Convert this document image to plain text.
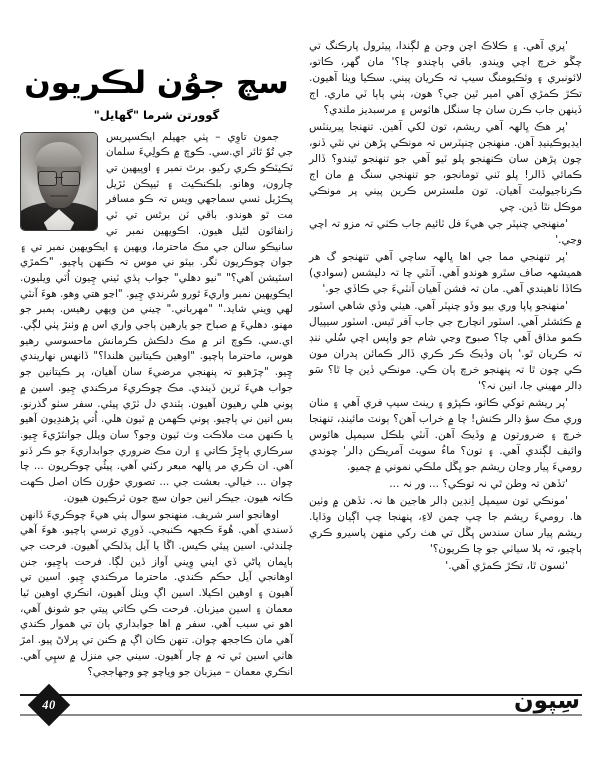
'پري آهي. ۽ ڪلاڪ اچن وجن ۾ لڳندا، پيٽرول پارڪنگ تي چڱو خرچ اچي ويندو. باقي ٻاچندو چا؟' مان گھر، ڪاتو، لائونبري ۽ وئڪيومنگ سيپ تہ ڪريان پيني. سڪيا ويٺا آهيون. تڪڙ ڪمڙي آهي امير ٿين جي؟ هون، ٻٺي ٻاٻا ٽي ماري. اڄ ڏينهن جاب ڪرن سان چا سنگل هائوس ۽ مرسبديز ملندي؟

'پر هڪ ڀالهہ آهي ريشم، تون لکي آهين. تنهنجا پيرينٽس ايڊيوڪينيڊ آهن. منهنجن چنپٽرس تہ مونڪي پڙهن ني نٿي ڏنو، چون پڙهن سان ڪنهنجو پلو ٽيو آهي جو تنهنجو ٿيندو؟ ڏالر ڪمائي ڏالر! پلو ٽني تومانجو، جو تنهنجي سنگ ۾ مان اڄ ڪرناجيوليٽ آهيان. تون ملسترس ڪرين پيني پر مونڪي موڪل نٿا ڏين. چي

'منهنجي چنپٽر جي هيءَ فل ٽائيم جاب ڪٺي تہ مزو تہ اچي وڃي.'

'پر تنهنجي مما جي اها ڀالهہ ساچي آهي تنهنجو گ هر هميشهہ صاف سٿرو هوندو آهي. آنٽي چا تہ دليشس (سوادي) ڪاڏا ٺاهيندي آهي. مان تہ فشن آهيان آنٽيءَ جي ڪاڏي جو.'

'منهنجو پاپا وري بيو وڏو چنپٽر آهي. هيٺي وڏي شاهي اسٽور ۾ ڪئشئر آهي. اسٽور انچارج جي جاب آفر ٿيس. اسٽور سيپيال ڪمو مذاق آهي چا؟ صبوح وڃي شام جو واپس اچي سُلي ننڊ تہ ڪريان ٿو.' ٻان وڏيڪ ڪر ڪري ڏالر ڪمائن ٻدران مون ڪي چون ٿا تہ پنهنجو خرچ ٻان ڪي. مونڪي ڏين چا ٿا؟ سَو ڊالر مهيني جا، انين نہ؟'

'پر ريشم توکي ڪاتو، ڪپڙو ۽ رينٽ سيپ فري آهي ۽ مٺان وري مڪ سؤ ڊالر ڪنش! چا ۾ خراب آهن؟ ٻونٽ مائينڊ، تنهنجا خرچ ۽ ضرورتون ۾ وڏيڪ آهن. آنٽي بلڪل سيمپل هائوس وائيف لڳندي آهي. ۽ تون؟ ماءُ سويٽ آمريڪن ڊالر' چوندي روميءَ پيار وڃان ريشم جو ڀڱل ملڪي نموني ۾ چميو.

'تڏهن تہ وطن ٿي نہ توڪي؟ ... ور نہ ...

'مونڪي تون سيمپل اِنڊين ڊالر هاجين ها نہ. تڏهن ۾ وٺين ها. روميءَ ريشم جا چپ چمن لاءِ، پنهنجا چپ اڳيان وڌايا. ريشم پيار سان سندس ڀڱل تي هٺ رکي منهن پاسيرو ڪري ٻاچيو، تہ ٻلا سياٺي جو چا ڪريون؟'

'ٺسون ٿا، تڪڙ ڪمڙي آهي.'

سچ جوُن لڪريون
گوورتن شرما "گھايل"

جمون تاوِي – پٺي جھيلم ايڪسپريس جي تُوٗ ٿائر اي.سي. ڪوچ ۾ ڪولِيءَ سلمان ٽڪيٽڪو ڪري رکيو. برٿ نمبر ۽ اوپيهين تي چارون، وهانو. بلڪنڪيٽ ۽ ٽيپڪن ٽڙيل پڪڙيل ٺسي سماجھي ويس تہ ڪو مسافر مت ٿو هوندو. باقي ٽن برٿس تي ٽي زانفائون لٿيل هيون. اڪويهين نمبر تي سانيڪو سالن جي مڪ ماحترما، ويهين ۽ ايڪويهين نمبر تي ۽ جوان چوڪريون ٺگر. بيٽو ني موس تہ ڪنهن پاچيو. "ڪمڙي اسٽيشن آهي؟" "نيو دهلي" جواب ٻڌي ٽيني چِيون اُٽي ويليون. ايڪويهين نمبر واريءَ ٿورو سُرندي چِيو. "اڃو هتي وهو. هوءَ آنٽي لهي ويني شايد." "مهرباني." چيني من ويهي رهيس. ٻمبر جو مهنو. دهليءَ ۾ صباح جو يارهين ٻاجي واري اس ۾ وٺنڙ پٺي لڳي. اي.سي. ڪوچ انر ۾ مڪ دلڪش ڪرمانش ماحسوسي رهيو هوس، ماحترما ٻاچيو. "اوهين ڪيتانين هلندا؟" ڏانھس نهاريندي چِيو. "چڙهيو تہ پنهنجي مرضيءَ سان آهيان، پر ڪيتانين جو جواب هيءَ ٽرين ڏيندي. مڪ چوڪريءَ مرڪندي چِيو. اسين ۾ پوني هلي رهيون آهيون. ٻٽندي دل ٽڙي پيئي. سفر سٺو گذرنو. بس انين ني ٻاچيو. پوني ڪهمن ۾ ٽيون هلي. اُتي پڙهندِيون آهيو يا ڪنهن مت ملاڪت وٺ ٽيون وجو؟ سان ويلل جوانٽڙيءَ چِيو. سرڪاري ٻاچِڙَ ڪاتي ۽ ارن مڪ ضروري جوابداريءَ جو ڪر ڏنو آهي. ان ڪري مر ڀالهہ مبعر رکٺي آهي. پيئُي چوڪريون ... چا چوان ... خيالي. بعشت جي ... تصوري حوُرن ڪان اصل ڪهت ڪانہ هيون. جيڪر انين جوان سچ جون ٽرڪيون هيون.

اوهانجو اسر شريف. منهنجو سوال ٻٺي هيءَ چوڪريءَ ڏانھن ڏسندي آهي. هُوءَ ڪجھہ ڪنبجي. ڏورِي ترسي ٻاچيو. هوءَ آهي چلندئي. اسين پيئي ڪيس. اڱا يا آيل ٻڌلڪي آهيون. فرحت جي ٻاڀمان پاڻي ڏي ايني وِيني آواز ڏين لڳا. فرحت ٻاچِيو، جنن اوهانجي آيل حڪم ڪندي. ماحترما مرڪندي چِيو. اسين تي آهيون ۽ اوهين اڪيلا. اسين اڳ ويٺل آهيون، انڪري اوهين ٽيا معمان ۽ اسين ميزبان. فرحت ڪي ڪاتي پيتي جو شونق آهي، اهو ني سبب آهي. سفر ۾ اها جوابداري ٻان تي هموار ڪندي آهي مان ڪاججھ چوان. تنهن ڪان اڳ ۾ ڪنن تي پرلاڻ پيو. امڙ هاٺي اسين ٽي تہ ۾ چار آهيون. سيني جي منزل ۾ سڀِي آهي. انڪري معمان – ميزبان جو وياچو چو وجھاججي؟

40	سِپون
